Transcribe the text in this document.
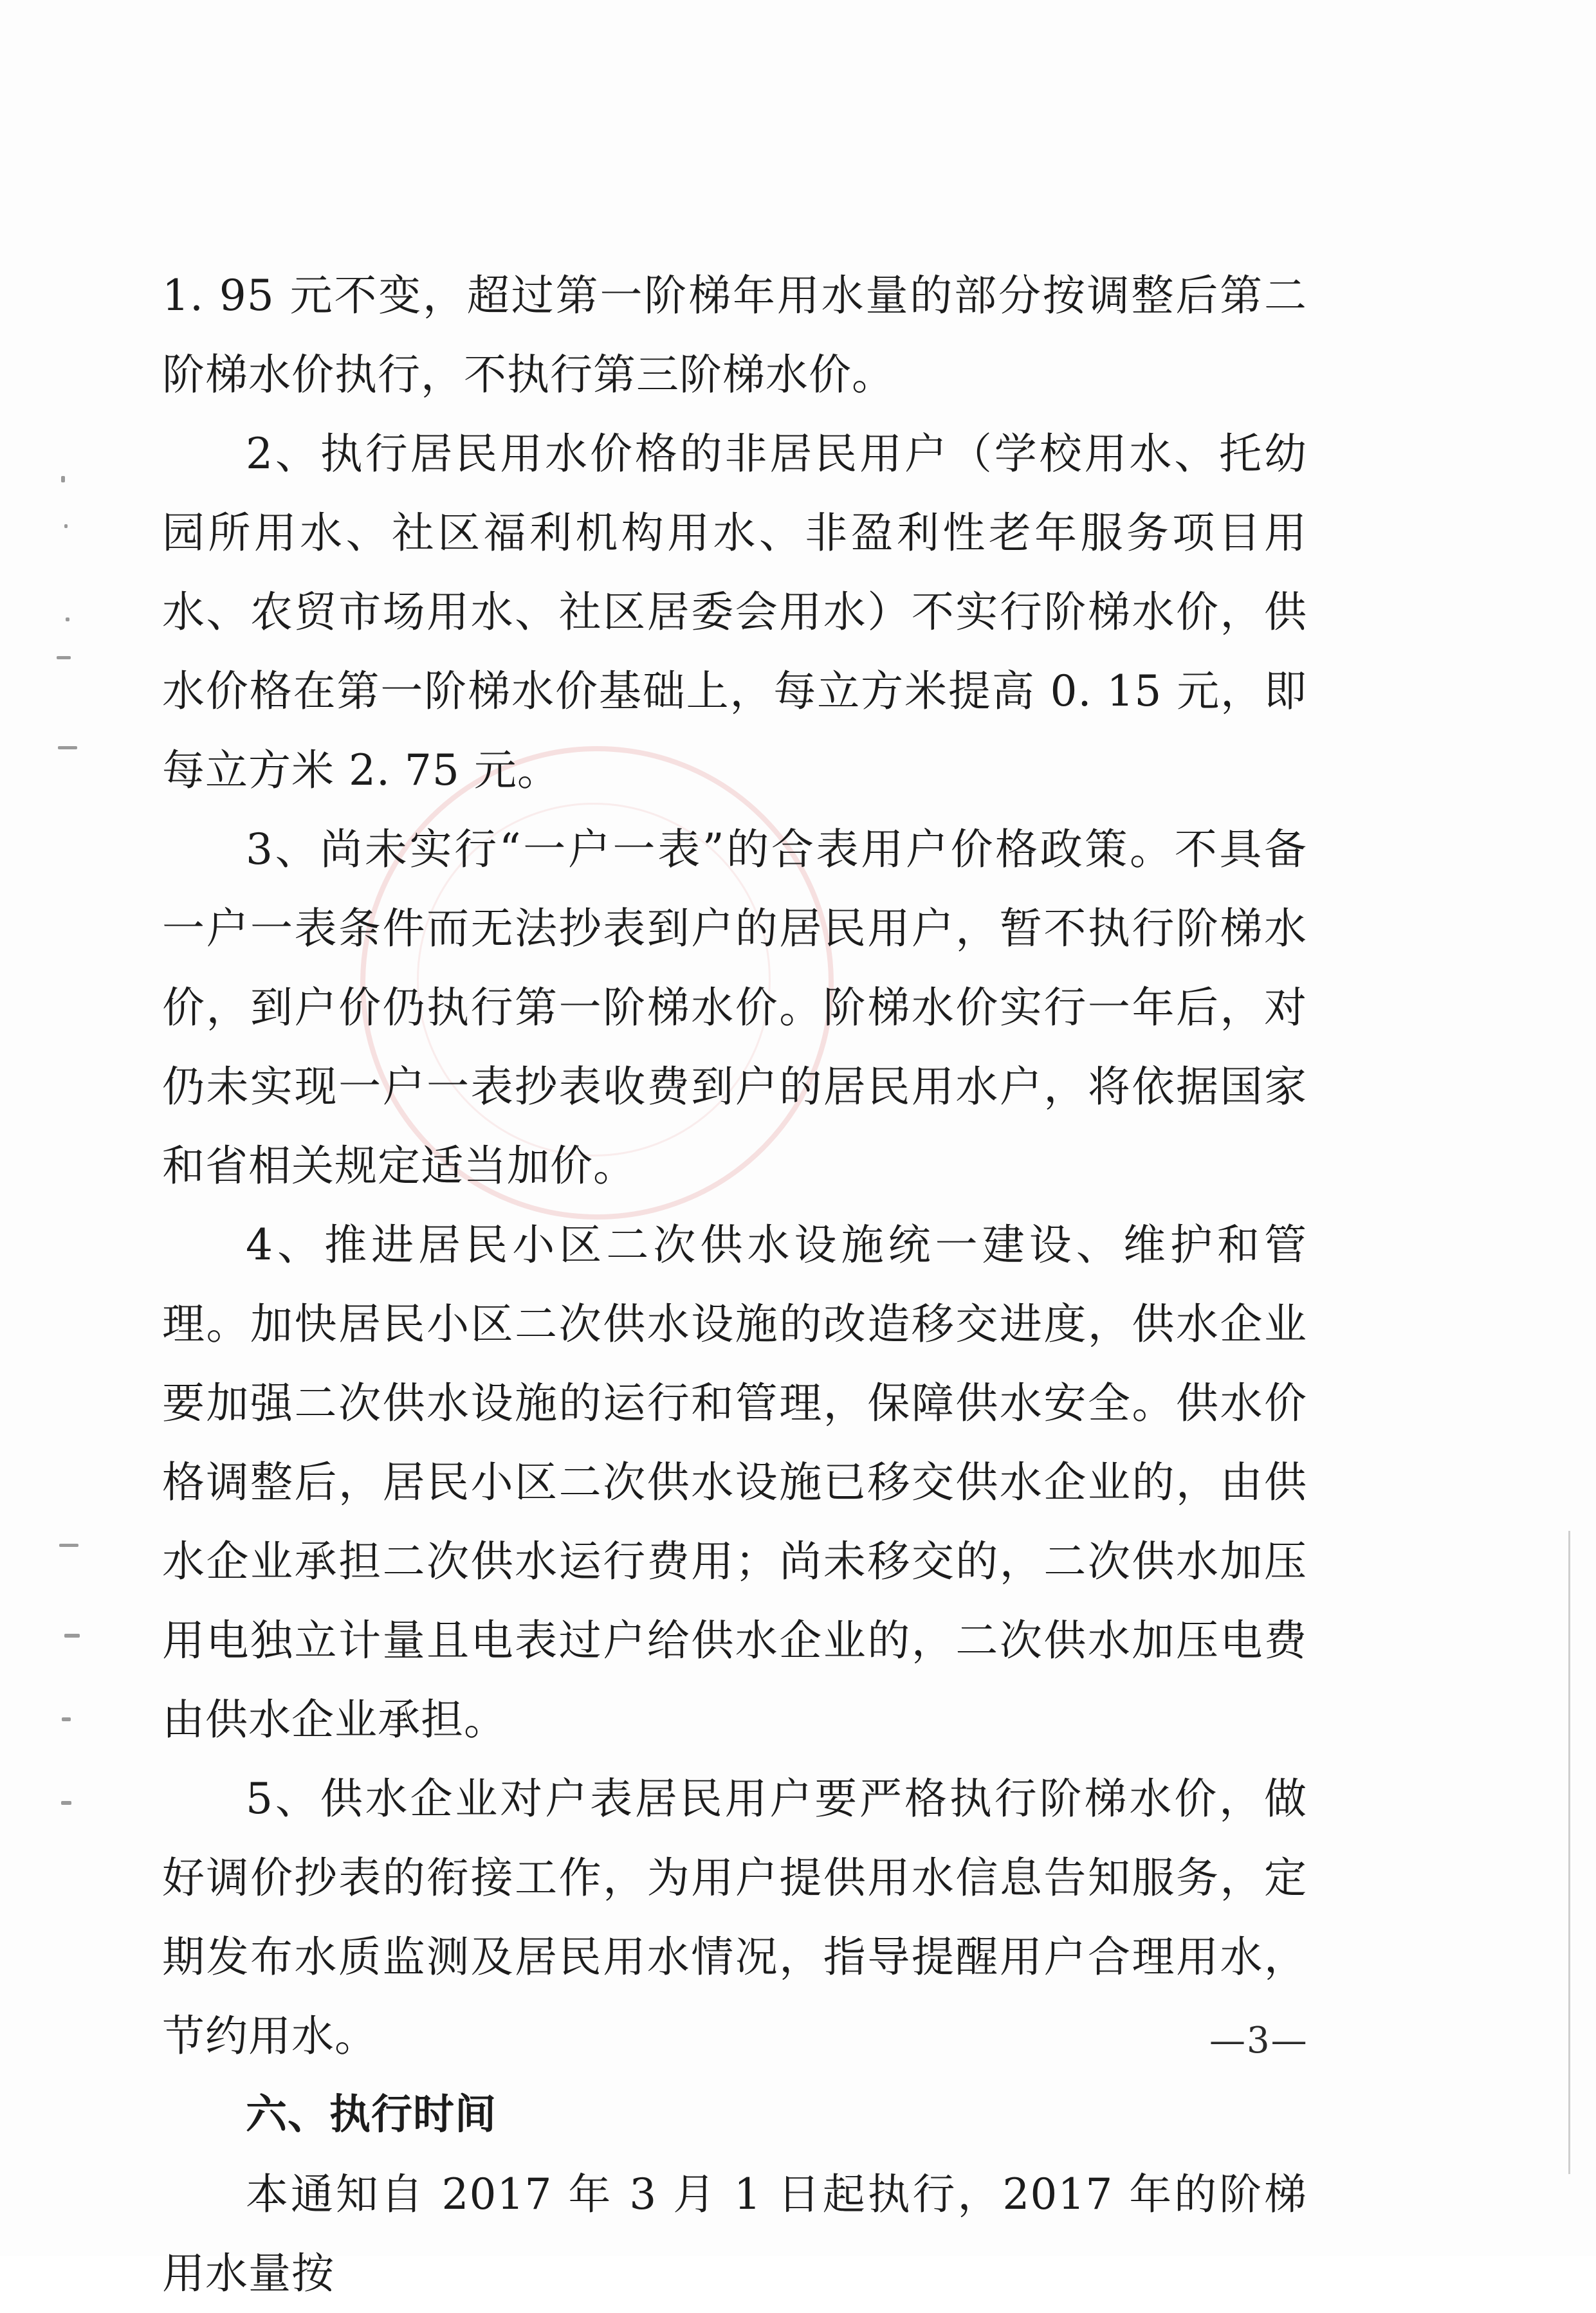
1. 95 元不变，超过第一阶梯年用水量的部分按调整后第二阶梯水价执行，不执行第三阶梯水价。

2、执行居民用水价格的非居民用户（学校用水、托幼园所用水、社区福利机构用水、非盈利性老年服务项目用水、农贸市场用水、社区居委会用水）不实行阶梯水价，供水价格在第一阶梯水价基础上，每立方米提高 0. 15 元，即每立方米 2. 75 元。

3、尚未实行“一户一表”的合表用户价格政策。不具备一户一表条件而无法抄表到户的居民用户，暂不执行阶梯水价，到户价仍执行第一阶梯水价。阶梯水价实行一年后，对仍未实现一户一表抄表收费到户的居民用水户，将依据国家和省相关规定适当加价。

4、推进居民小区二次供水设施统一建设、维护和管理。加快居民小区二次供水设施的改造移交进度，供水企业要加强二次供水设施的运行和管理，保障供水安全。供水价格调整后，居民小区二次供水设施已移交供水企业的，由供水企业承担二次供水运行费用；尚未移交的，二次供水加压用电独立计量且电表过户给供水企业的，二次供水加压电费由供水企业承担。

5、供水企业对户表居民用户要严格执行阶梯水价，做好调价抄表的衔接工作，为用户提供用水信息告知服务，定期发布水质监测及居民用水情况，指导提醒用户合理用水，节约用水。

六、执行时间

本通知自 2017 年 3 月 1 日起执行，2017 年的阶梯用水量按

—3—
